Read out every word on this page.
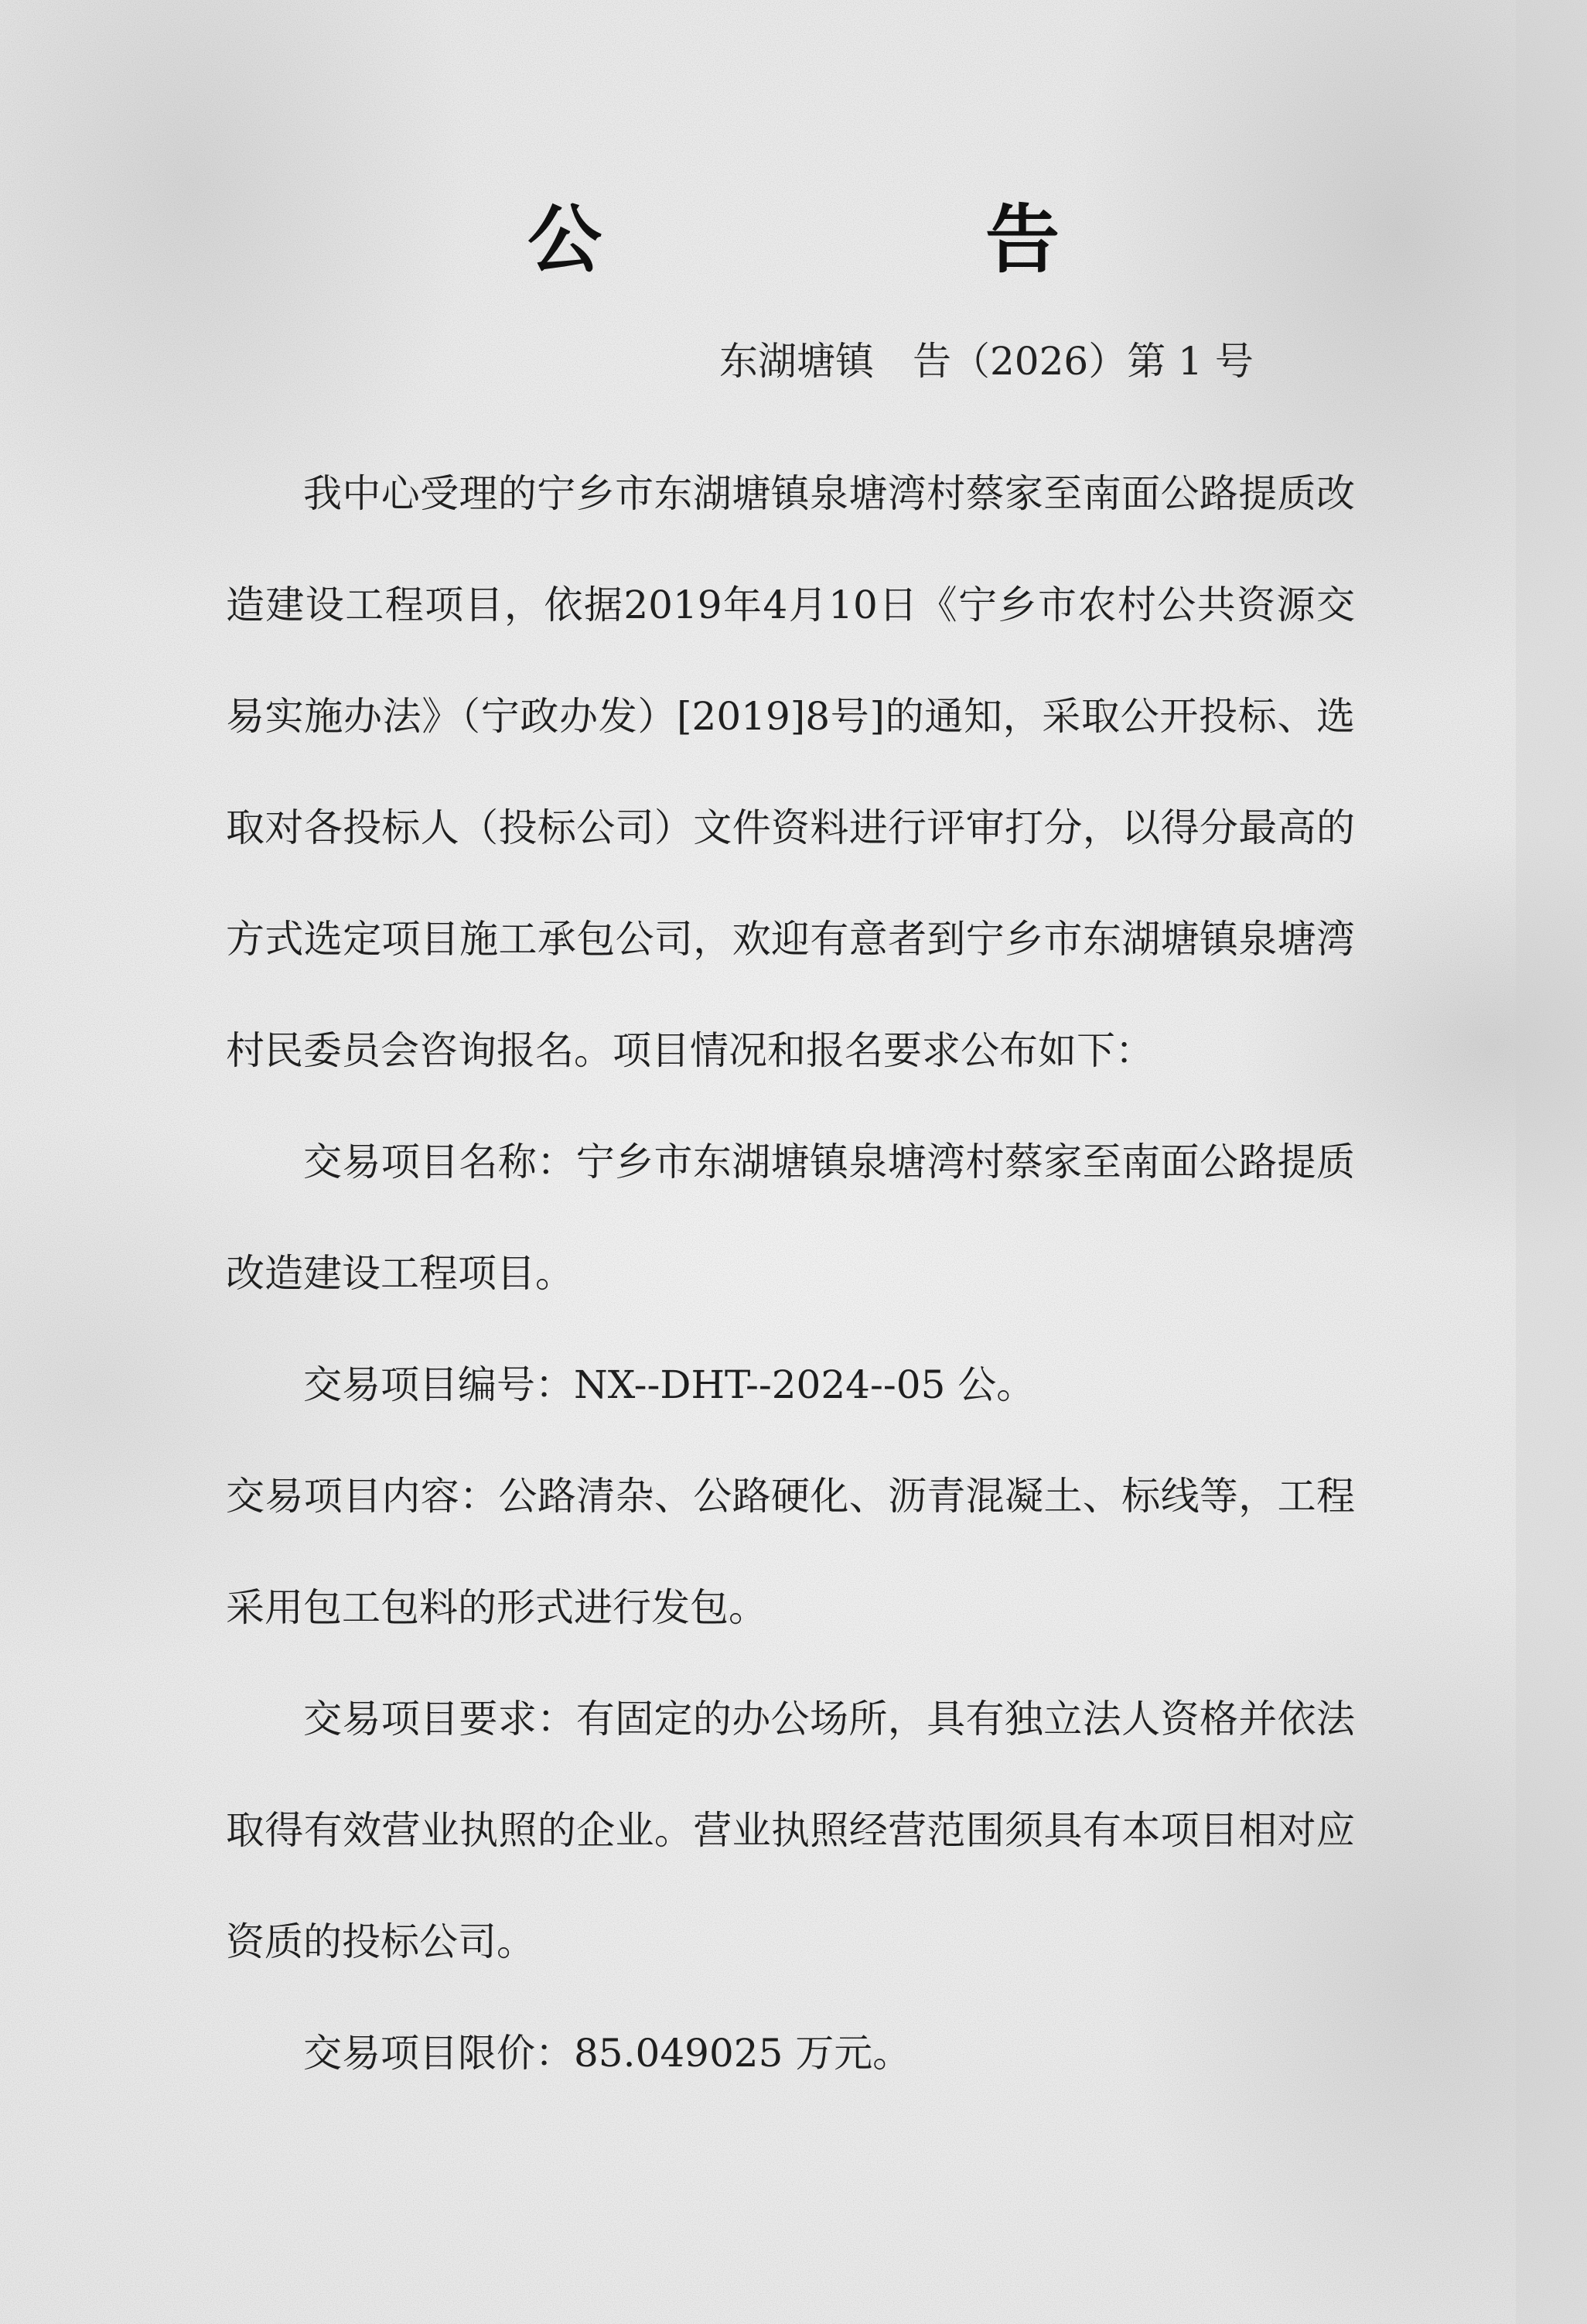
公　告
东湖塘镇　告（2026）第 1 号

我中心受理的宁乡市东湖塘镇泉塘湾村蔡家至南面公路提质改造建设工程项目，依据2019年4月10日《宁乡市农村公共资源交易实施办法》（宁政办发）[2019]8号]的通知，采取公开投标、选取对各投标人（投标公司）文件资料进行评审打分，以得分最高的方式选定项目施工承包公司，欢迎有意者到宁乡市东湖塘镇泉塘湾村民委员会咨询报名。项目情况和报名要求公布如下：

交易项目名称：宁乡市东湖塘镇泉塘湾村蔡家至南面公路提质改造建设工程项目。

交易项目编号：NX--DHT--2024--05 公。

交易项目内容：公路清杂、公路硬化、沥青混凝土、标线等，工程采用包工包料的形式进行发包。

交易项目要求：有固定的办公场所，具有独立法人资格并依法取得有效营业执照的企业。营业执照经营范围须具有本项目相对应资质的投标公司。

交易项目限价：85.049025 万元。
